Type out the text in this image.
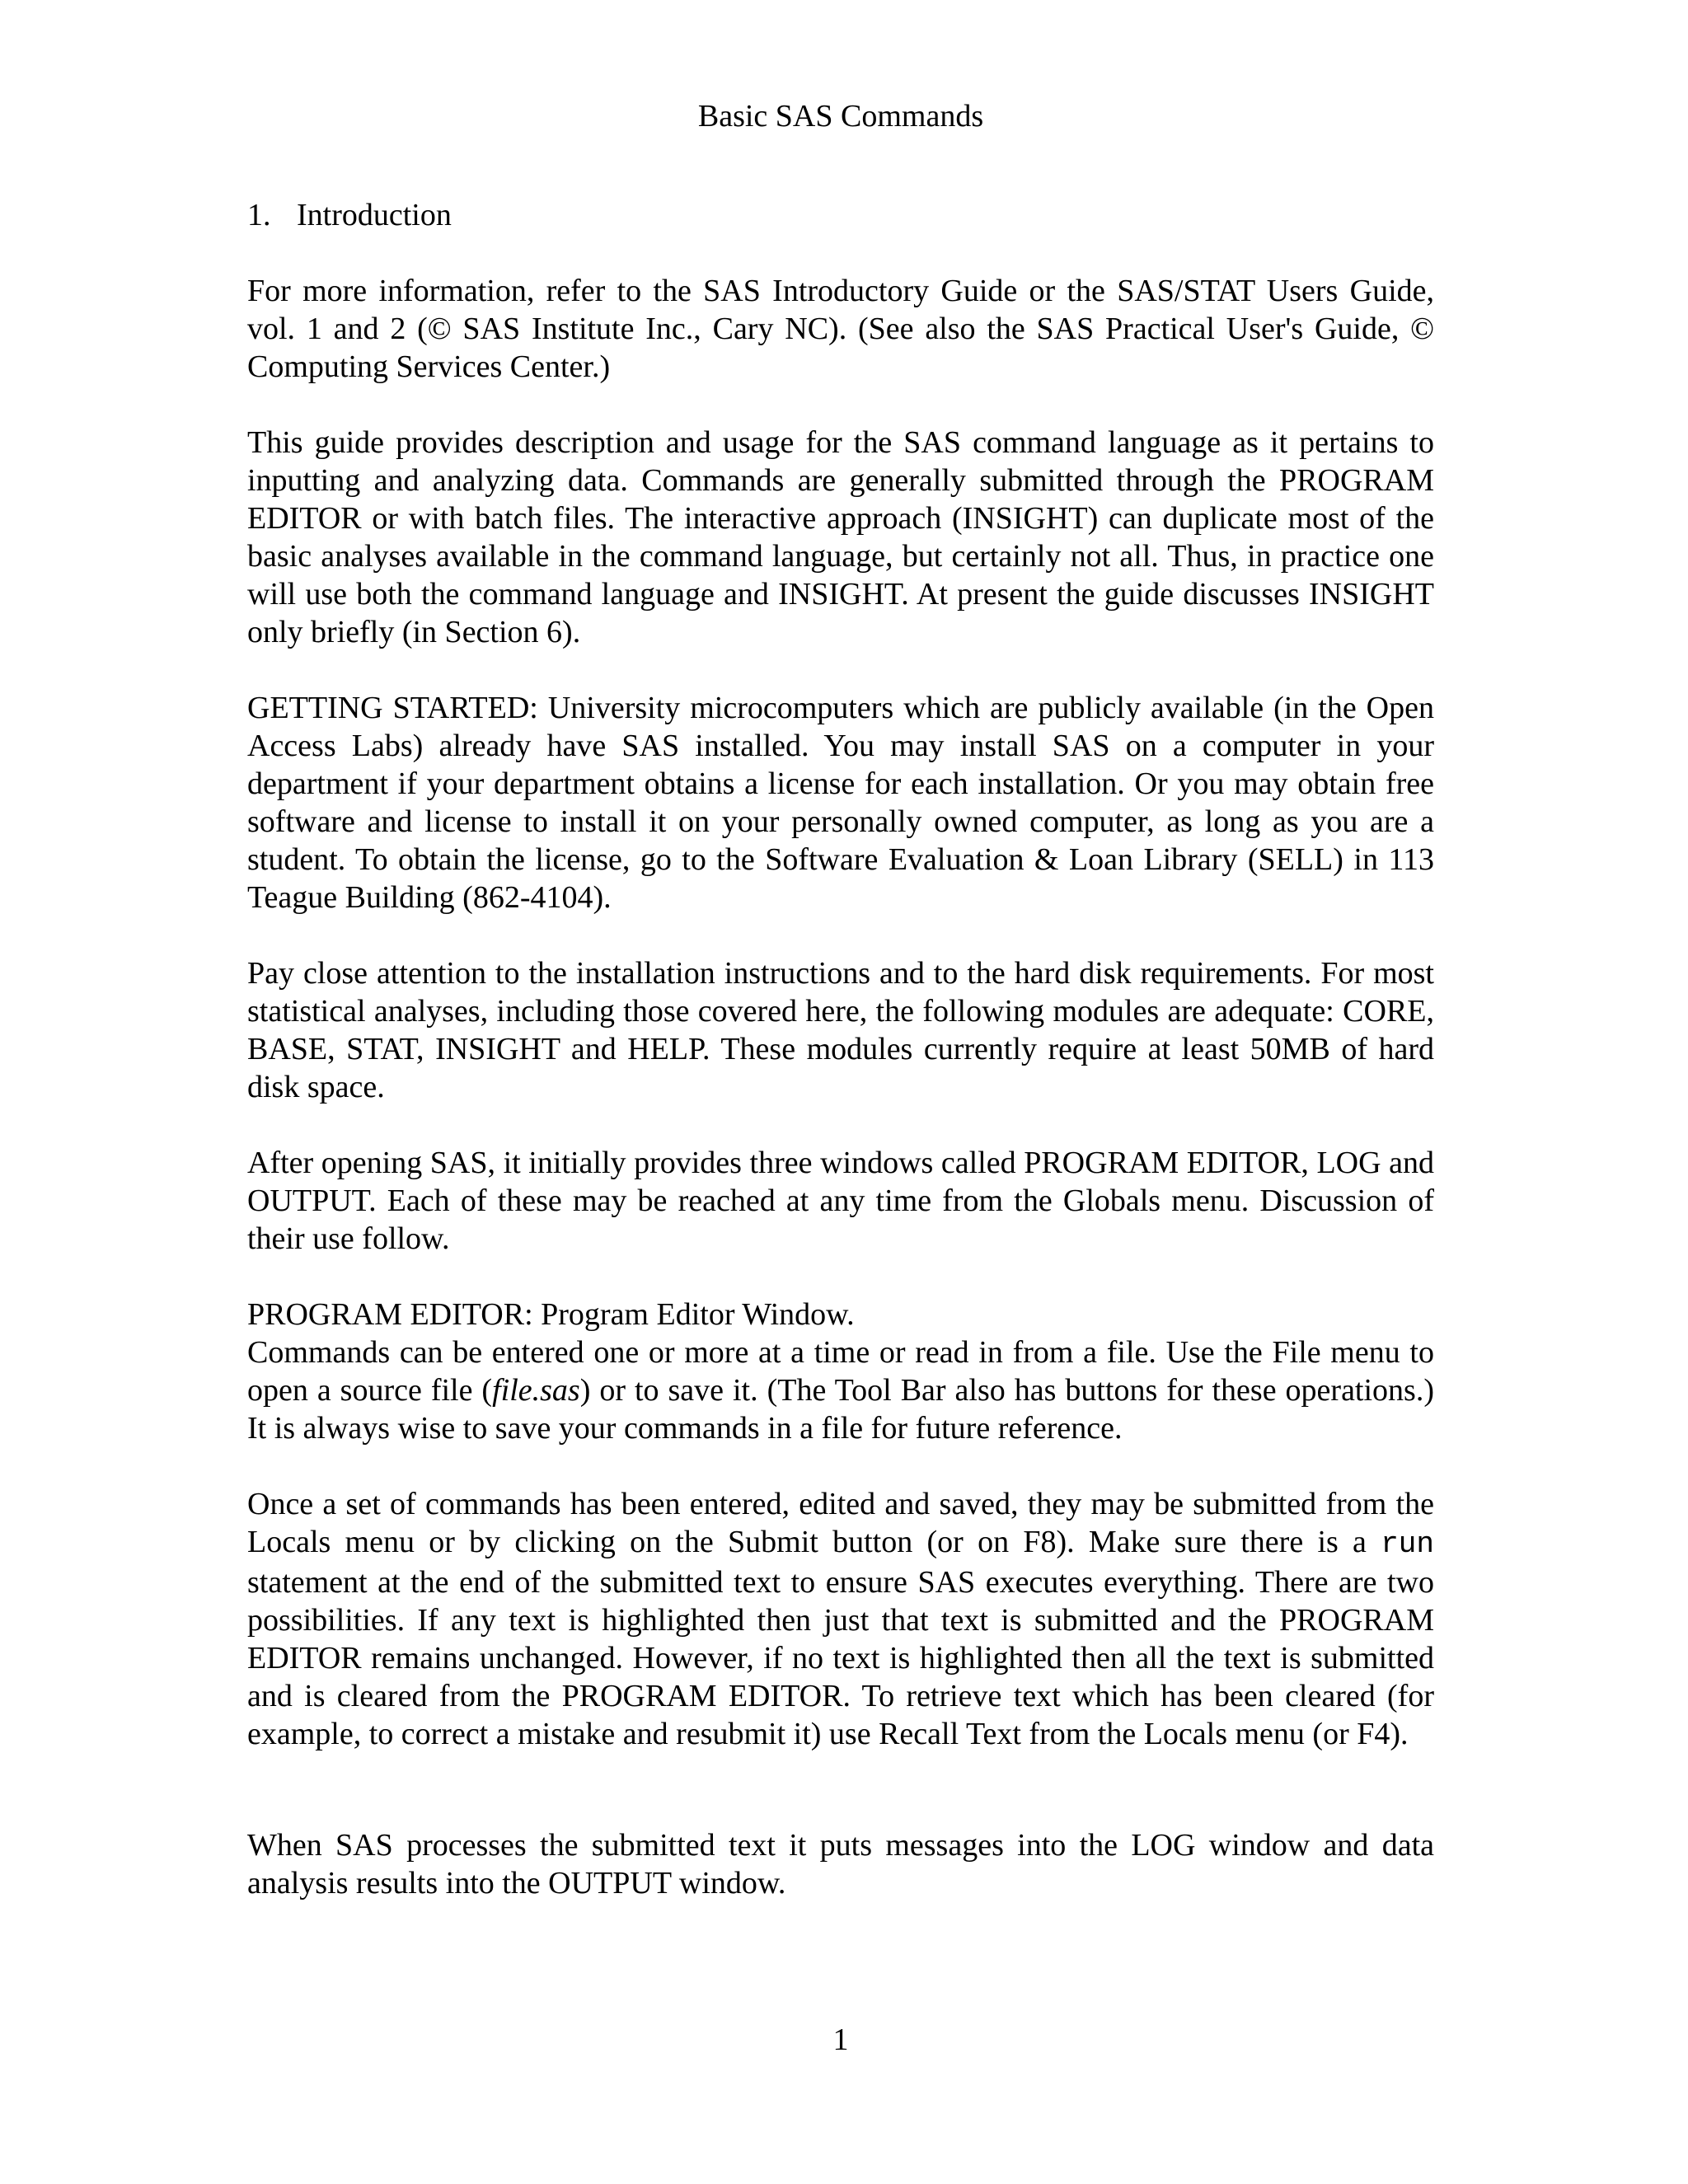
Basic SAS Commands
1. Introduction

For more information, refer to the SAS Introductory Guide or the SAS/STAT Users Guide, vol. 1 and 2 (© SAS Institute Inc., Cary NC). (See also the SAS Practical User's Guide, © Computing Services Center.)

This guide provides description and usage for the SAS command language as it pertains to inputting and analyzing data. Commands are generally submitted through the PROGRAM EDITOR or with batch files. The interactive approach (INSIGHT) can duplicate most of the basic analyses available in the command language, but certainly not all. Thus, in practice one will use both the command language and INSIGHT. At present the guide discusses INSIGHT only briefly (in Section 6).

GETTING STARTED: University microcomputers which are publicly available (in the Open Access Labs) already have SAS installed. You may install SAS on a computer in your department if your department obtains a license for each installation. Or you may obtain free software and license to install it on your personally owned computer, as long as you are a student. To obtain the license, go to the Software Evaluation & Loan Library (SELL) in 113 Teague Building (862-4104).

Pay close attention to the installation instructions and to the hard disk requirements. For most statistical analyses, including those covered here, the following modules are adequate: CORE, BASE, STAT, INSIGHT and HELP. These modules currently require at least 50MB of hard disk space.

After opening SAS, it initially provides three windows called PROGRAM EDITOR, LOG and OUTPUT. Each of these may be reached at any time from the Globals menu. Discussion of their use follow.

PROGRAM EDITOR: Program Editor Window.

Commands can be entered one or more at a time or read in from a file. Use the File menu to open a source file (file.sas) or to save it. (The Tool Bar also has buttons for these operations.) It is always wise to save your commands in a file for future reference.

Once a set of commands has been entered, edited and saved, they may be submitted from the Locals menu or by clicking on the Submit button (or on F8). Make sure there is a run statement at the end of the submitted text to ensure SAS executes everything. There are two possibilities. If any text is highlighted then just that text is submitted and the PROGRAM EDITOR remains unchanged. However, if no text is highlighted then all the text is submitted and is cleared from the PROGRAM EDITOR. To retrieve text which has been cleared (for example, to correct a mistake and resubmit it) use Recall Text from the Locals menu (or F4).

When SAS processes the submitted text it puts messages into the LOG window and data analysis results into the OUTPUT window.

1
